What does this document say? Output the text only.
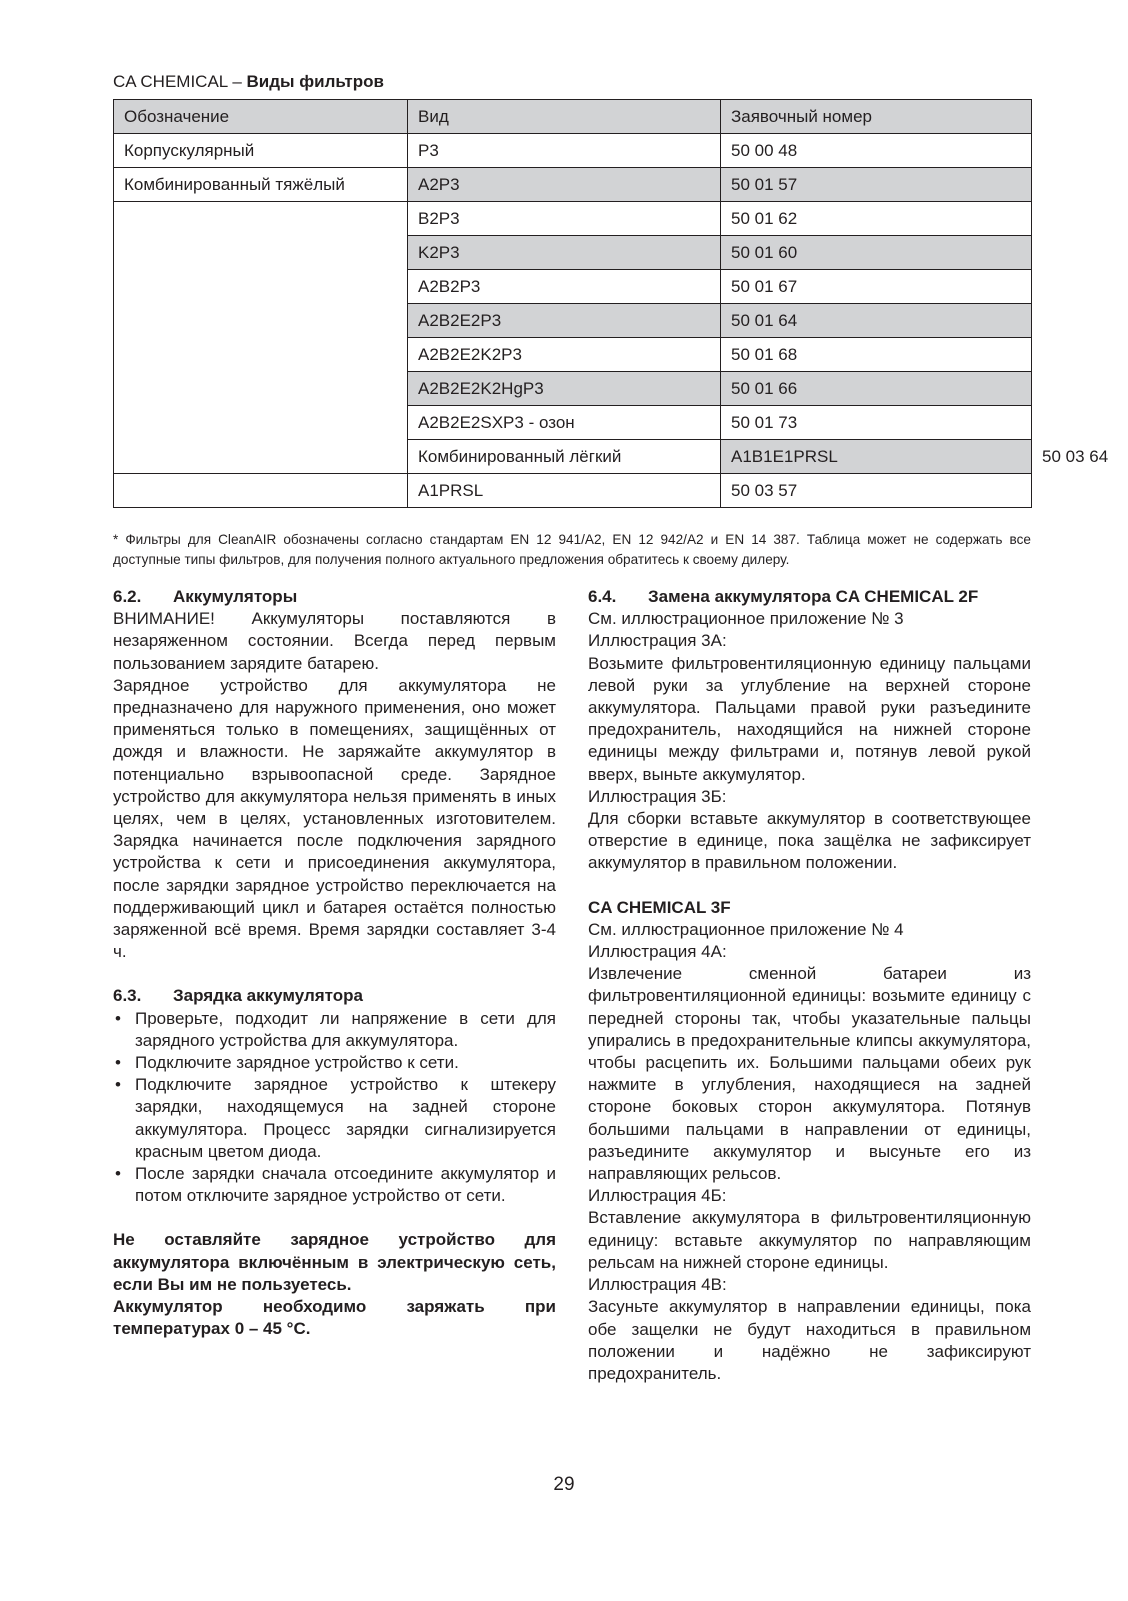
CA CHEMICAL – Виды фильтров
Обозначение	Вид	Заявочный номер	
Корпускулярный	P3	50 00 48	
Комбинированный тяжёлый	A2P3	50 01 57	
	B2P3	50 01 62	
	K2P3	50 01 60	
	A2B2P3	50 01 67	
	A2B2E2P3	50 01 64	
	A2B2E2K2P3	50 01 68	
	A2B2E2K2HgP3	50 01 66	
	A2B2E2SXP3 - озон	50 01 73	
	Комбинированный лёгкий	A1B1E1PRSL	50 03 64
	A1PRSL	50 03 57	
* Фильтры для CleanAIR обозначены согласно стандартам EN 12 941/A2, EN 12 942/A2 и EN 14 387. Таблица может не содержать все доступные типы фильтров, для получения полного актуального предложения обратитесь к своему дилеру.
6.2.	Аккумуляторы

ВНИМАНИЕ! Аккумуляторы поставляются в незаряженном состоянии. Всегда перед первым пользованием зарядите батарею.

Зарядное устройство для аккумулятора не предназначено для наружного применения, оно может применяться только в помещениях, защищённых от дождя и влажности. Не заряжайте аккумулятор в потенциально взрывоопасной среде. Зарядное устройство для аккумулятора нельзя применять в иных целях, чем в целях, установленных изготовителем. Зарядка начинается после подключения зарядного устройства к сети и присоединения аккумулятора, после зарядки зарядное устройство переключается на поддерживающий цикл и батарея остаётся полностью заряженной всё время. Время зарядки составляет 3-4 ч.

6.3.	Зарядка аккумулятора
• Проверьте, подходит ли напряжение в сети для зарядного устройства для аккумулятора.
• Подключите зарядное устройство к сети.
• Подключите зарядное устройство к штекеру зарядки, находящемуся на задней стороне аккумулятора. Процесс зарядки сигнализируется красным цветом диода.
• После зарядки сначала отсоедините аккумулятор и потом отключите зарядное устройство от сети.

Не оставляйте зарядное устройство для аккумулятора включённым в электрическую сеть, если Вы им не пользуетесь.

Аккумулятор необходимо заряжать при температурах 0 – 45 °C.

6.4.	Замена аккумулятора CA CHEMICAL 2F

См. иллюстрационное приложение № 3

Иллюстрация 3А:

Возьмите фильтровентиляционную единицу пальцами левой руки за углубление на верхней стороне аккумулятора. Пальцами правой руки разъедините предохранитель, находящийся на нижней стороне единицы между фильтрами и, потянув левой рукой вверх, выньте аккумулятор.

Иллюстрация 3Б:

Для сборки вставьте аккумулятор в соответствующее отверстие в единице, пока защёлка не зафиксирует аккумулятор в правильном положении.

CA CHEMICAL 3F

См. иллюстрационное приложение № 4

Иллюстрация 4А:

Извлечение сменной батареи из фильтровентиляционной единицы: возьмите единицу с передней стороны так, чтобы указательные пальцы упирались в предохранительные клипсы аккумулятора, чтобы расцепить их. Большими пальцами обеих рук нажмите в углубления, находящиеся на задней стороне боковых сторон аккумулятора. Потянув большими пальцами в направлении от единицы, разъедините аккумулятор и высуньте его из направляющих рельсов.

Иллюстрация 4Б:

Вставление аккумулятора в фильтровентиляционную единицу: вставьте аккумулятор по направляющим рельсам на нижней стороне единицы.

Иллюстрация 4В:

Засуньте аккумулятор в направлении единицы, пока обе защелки не будут находиться в правильном положении и надёжно не зафиксируют предохранитель.

29
